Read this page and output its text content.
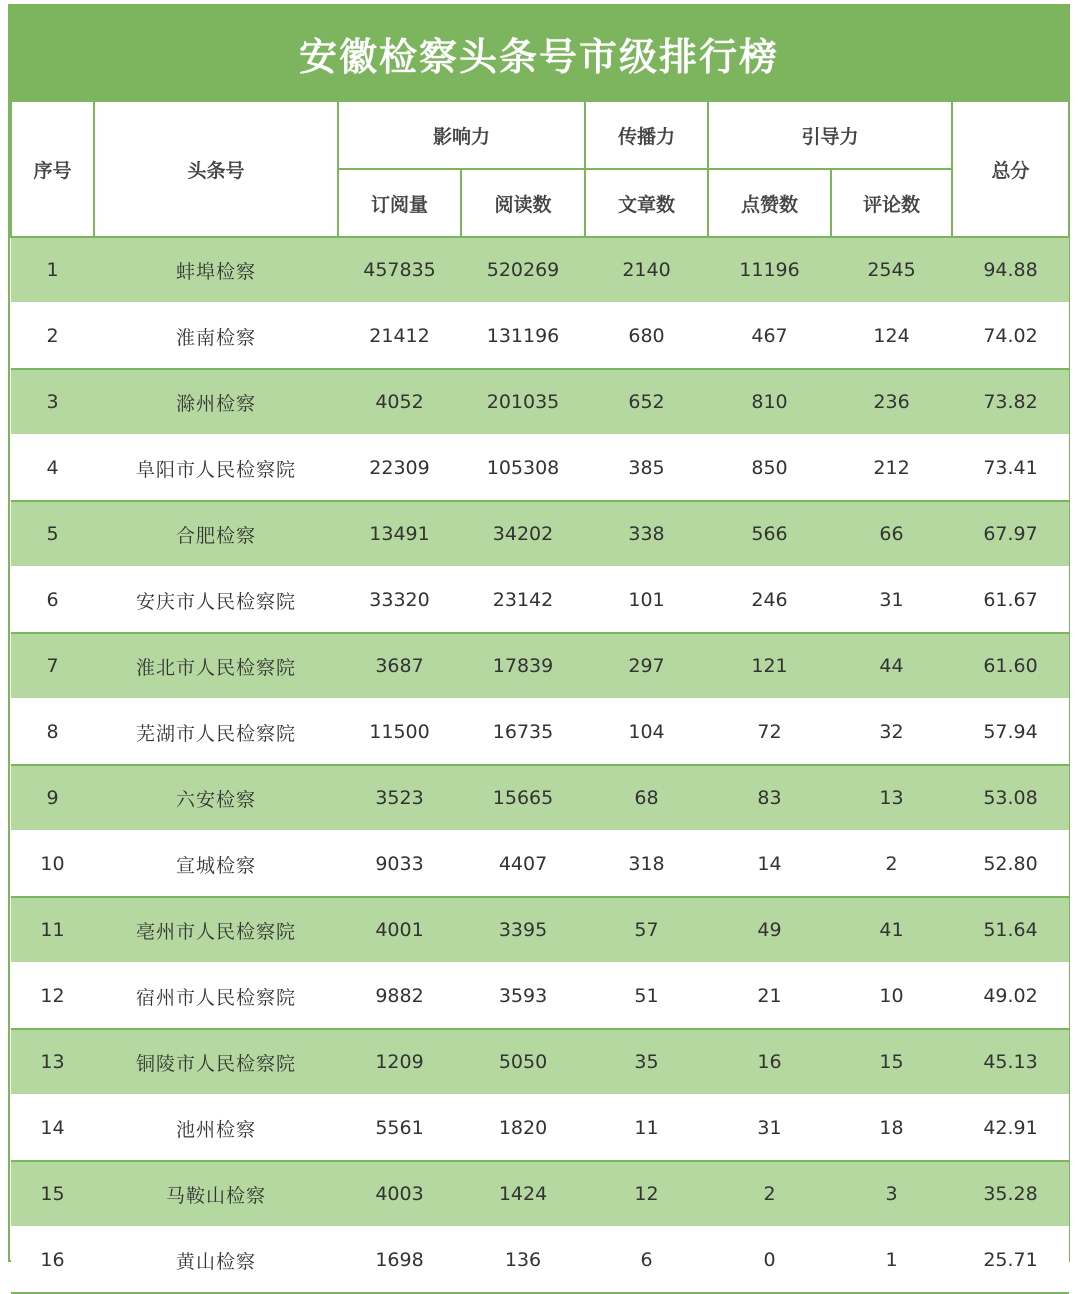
安徽检察头条号市级排行榜
序号	头条号	影响力		传播力	引导力		总分
		订阅量	阅读数	文章数	点赞数	评论数	
1	蚌埠检察	457835	520269	2140	11196	2545	94.88
2	淮南检察	21412	131196	680	467	124	74.02
3	滁州检察	4052	201035	652	810	236	73.82
4	阜阳市人民检察院	22309	105308	385	850	212	73.41
5	合肥检察	13491	34202	338	566	66	67.97
6	安庆市人民检察院	33320	23142	101	246	31	61.67
7	淮北市人民检察院	3687	17839	297	121	44	61.60
8	芜湖市人民检察院	11500	16735	104	72	32	57.94
9	六安检察	3523	15665	68	83	13	53.08
10	宣城检察	9033	4407	318	14	2	52.80
11	亳州市人民检察院	4001	3395	57	49	41	51.64
12	宿州市人民检察院	9882	3593	51	21	10	49.02
13	铜陵市人民检察院	1209	5050	35	16	15	45.13
14	池州检察	5561	1820	11	31	18	42.91
15	马鞍山检察	4003	1424	12	2	3	35.28
16	黄山检察	1698	136	6	0	1	25.71
